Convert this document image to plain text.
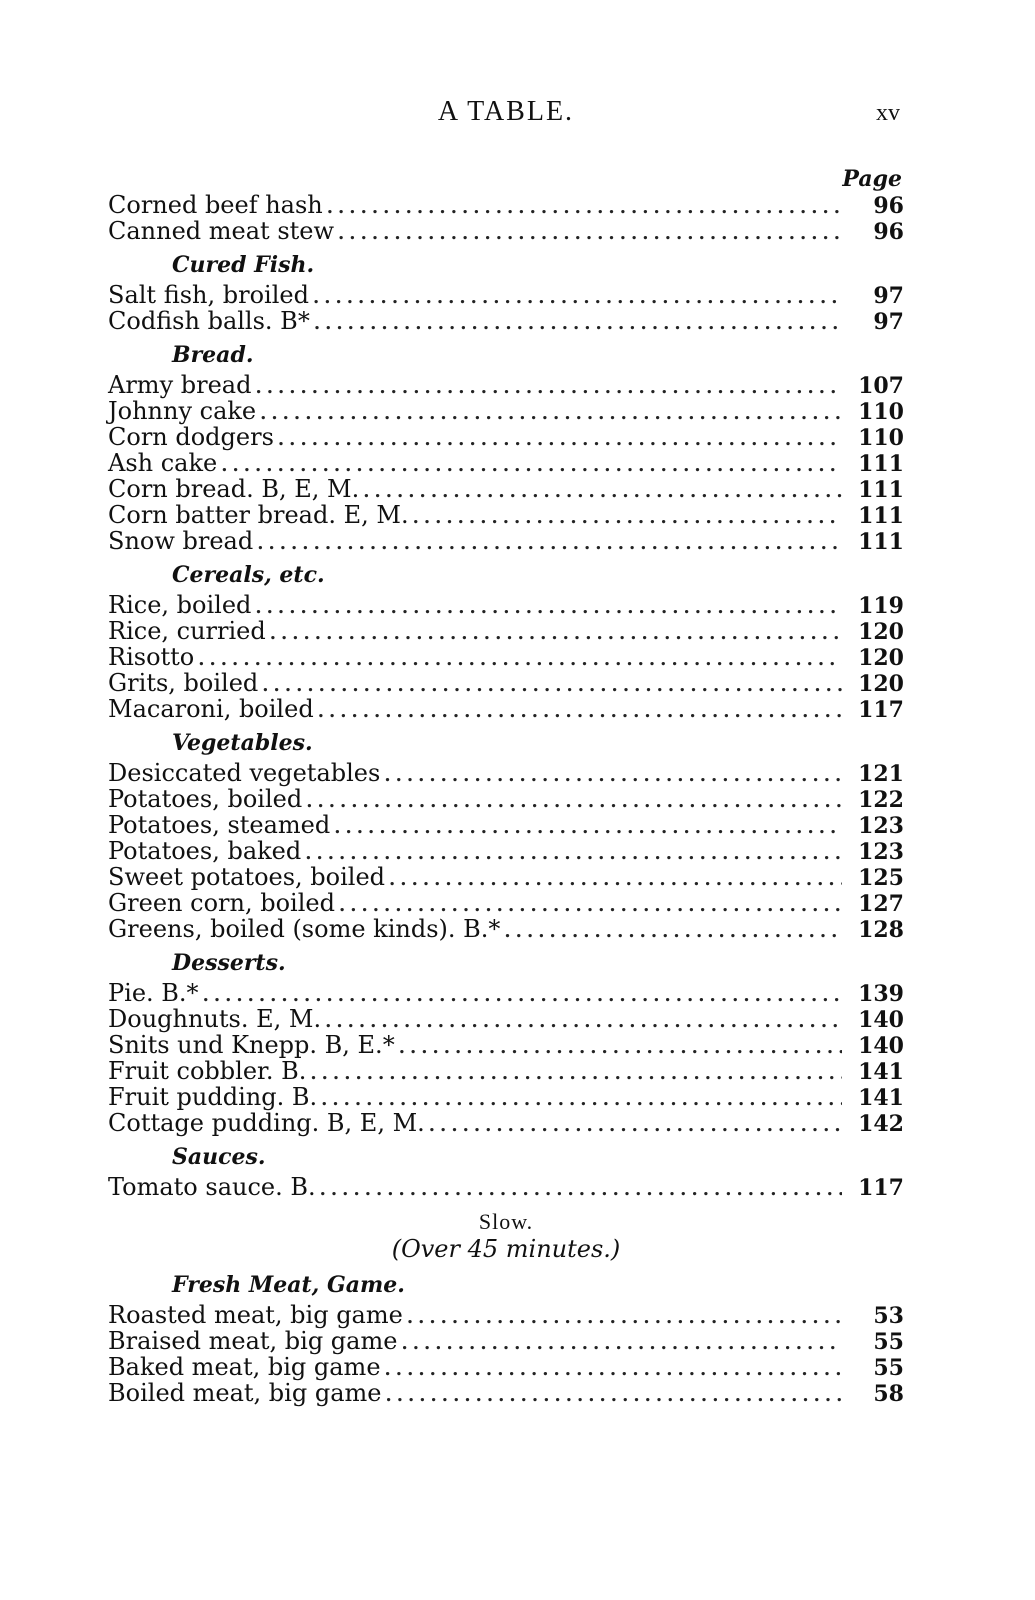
A TABLE.	xv
Page
Corned beef hash .....	96
Canned meat stew .....	96
Cured Fish.
Salt fish, broiled .....	97
Codfish balls. B* .....	97
Bread.
Army bread .....	107
Johnny cake .....	110
Corn dodgers .....	110
Ash cake .....	111
Corn bread. B, E, M. .....	111
Corn batter bread. E, M. .....	111
Snow bread .....	111
Cereals, etc.
Rice, boiled .....	119
Rice, curried .....	120
Risotto .....	120
Grits, boiled .....	120
Macaroni, boiled .....	117
Vegetables.
Desiccated vegetables .....	121
Potatoes, boiled .....	122
Potatoes, steamed .....	123
Potatoes, baked .....	123
Sweet potatoes, boiled .....	125
Green corn, boiled .....	127
Greens, boiled (some kinds). B.* .....	128
Desserts.
Pie. B.* .....	139
Doughnuts. E, M. .....	140
Snits und Knepp. B, E.* .....	140
Fruit cobbler. B. .....	141
Fruit pudding. B. .....	141
Cottage pudding. B, E, M. .....	142
Sauces.
Tomato sauce. B. .....	117
Slow.
(Over 45 minutes.)
Fresh Meat, Game.
Roasted meat, big game .....	53
Braised meat, big game .....	55
Baked meat, big game .....	55
Boiled meat, big game .....	58
